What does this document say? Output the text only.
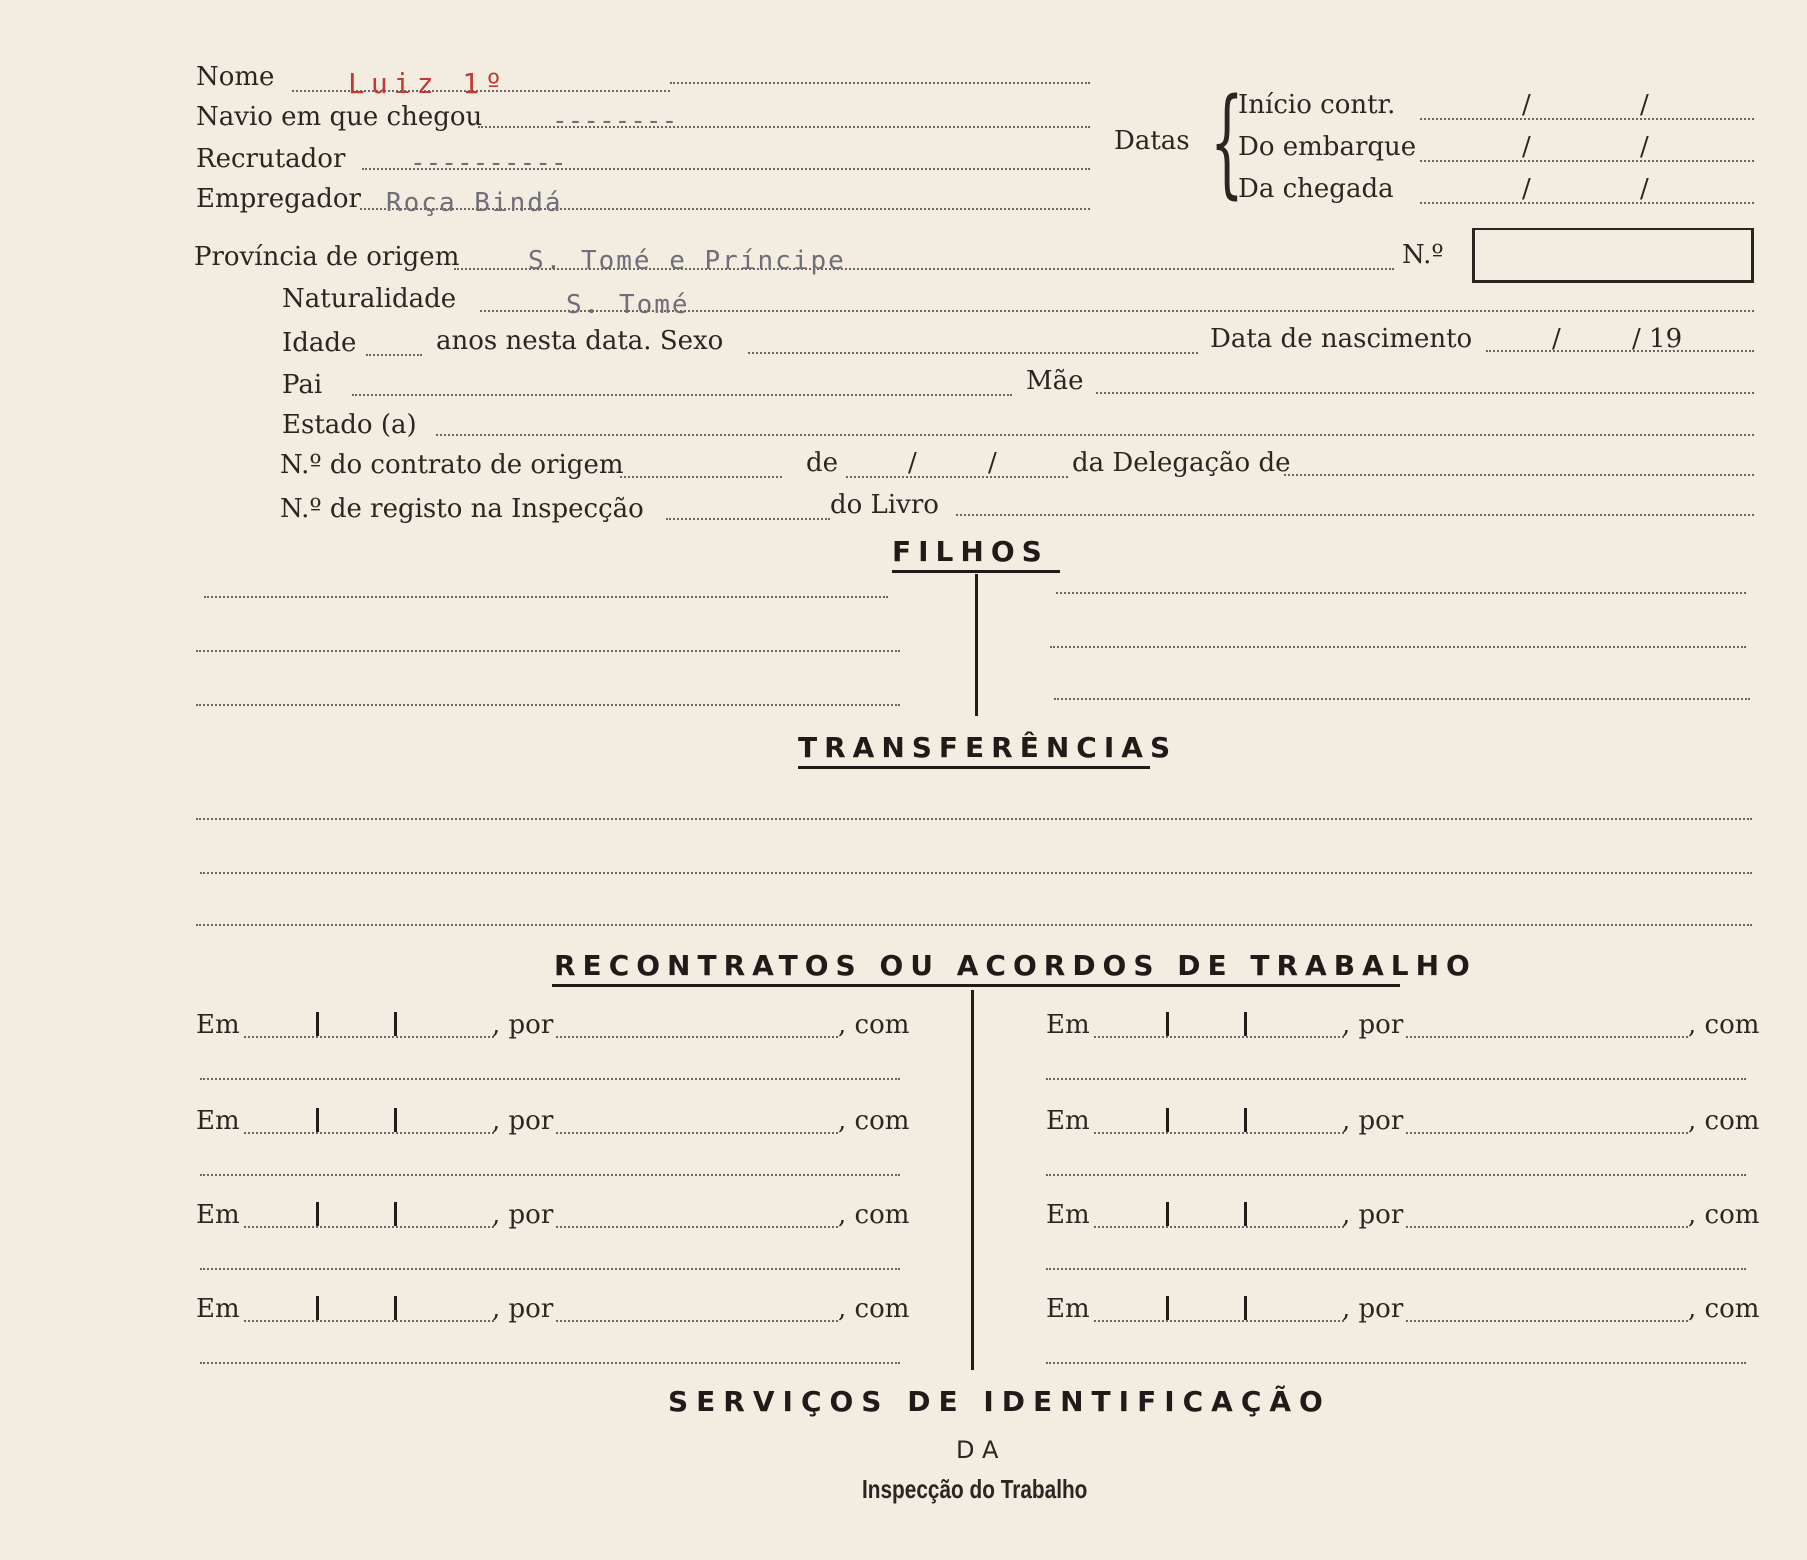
Nome	Luiz 1º
Navio em que chegou	--------
Recrutador ----------
Empregador Roça Bindá
Datas {
Início contr.	/	/
Do embarque	/	/
Da chegada	/	/
Província de origem	S. Tomé e Príncipe	N.º
Naturalidade	S. Tomé
Idade	anos nesta data. Sexo	Data de nascimento	/	/ 19
Pai	Mãe
Estado (a)
N.º do contrato de origem	de	/	/	da Delegação de
N.º de registo na Inspecção	do Livro
FILHOS
TRANSFERÊNCIAS
RECONTRATOS OU ACORDOS DE TRABALHO
Em	, por	, com	Em	, por	, com
Em	, por	, com	Em	, por	, com
Em	, por	, com	Em	, por	, com
Em	, por	, com	Em	, por	, com
SERVIÇOS DE IDENTIFICAÇÃO
DA
Inspecção do Trabalho
